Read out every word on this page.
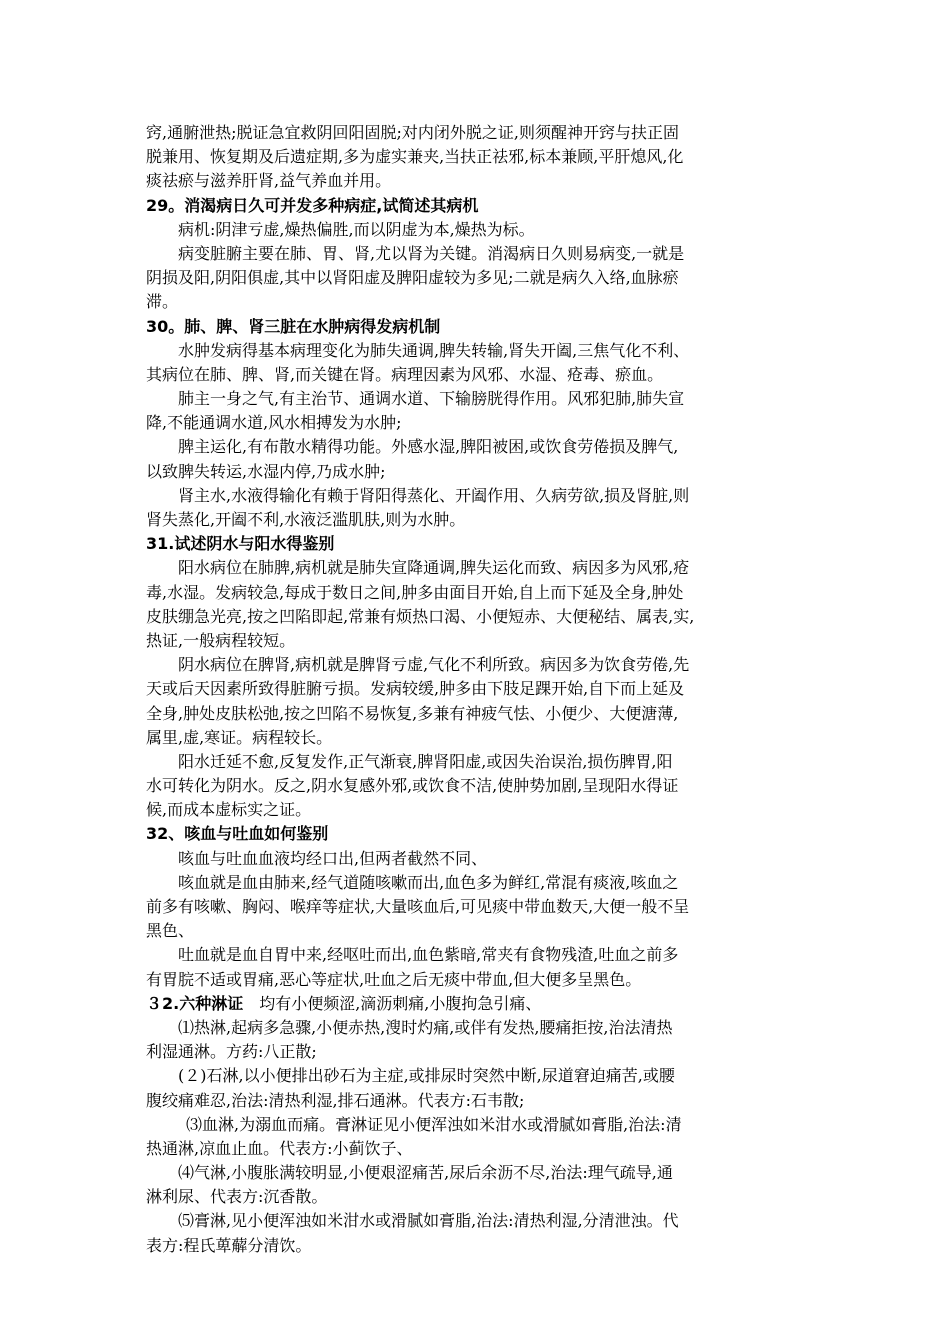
窍,通腑泄热;脱证急宜救阴回阳固脱;对内闭外脱之证,则须醒神开窍与扶正固
脱兼用、恢复期及后遗症期,多为虚实兼夹,当扶正祛邪,标本兼顾,平肝熄风,化
痰祛瘀与滋养肝肾,益气养血并用。
29。消渴病日久可并发多种病症,试简述其病机
病机:阴津亏虚,燥热偏胜,而以阴虚为本,燥热为标。
病变脏腑主要在肺、胃、肾,尤以肾为关键。消渴病日久则易病变,一就是
阴损及阳,阴阳俱虚,其中以肾阳虚及脾阳虚较为多见;二就是病久入络,血脉瘀
滞。
30。肺、脾、肾三脏在水肿病得发病机制
水肿发病得基本病理变化为肺失通调,脾失转输,肾失开阖,三焦气化不利、
其病位在肺、脾、肾,而关键在肾。病理因素为风邪、水湿、疮毒、瘀血。
肺主一身之气,有主治节、通调水道、下输膀胱得作用。风邪犯肺,肺失宣
降,不能通调水道,风水相搏发为水肿;
脾主运化,有布散水精得功能。外感水湿,脾阳被困,或饮食劳倦损及脾气,
以致脾失转运,水湿内停,乃成水肿;
肾主水,水液得输化有赖于肾阳得蒸化、开阖作用、久病劳欲,损及肾脏,则
肾失蒸化,开阖不利,水液泛滥肌肤,则为水肿。
31.试述阴水与阳水得鉴别
阳水病位在肺脾,病机就是肺失宣降通调,脾失运化而致、病因多为风邪,疮
毒,水湿。发病较急,每成于数日之间,肿多由面目开始,自上而下延及全身,肿处
皮肤绷急光亮,按之凹陷即起,常兼有烦热口渴、小便短赤、大便秘结、属表,实,
热证,一般病程较短。
阴水病位在脾肾,病机就是脾肾亏虚,气化不利所致。病因多为饮食劳倦,先
天或后天因素所致得脏腑亏损。发病较缓,肿多由下肢足踝开始,自下而上延及
全身,肿处皮肤松弛,按之凹陷不易恢复,多兼有神疲气怯、小便少、大便溏薄,
属里,虚,寒证。病程较长。
阳水迁延不愈,反复发作,正气渐衰,脾肾阳虚,或因失治误治,损伤脾胃,阳
水可转化为阴水。反之,阴水复感外邪,或饮食不洁,使肿势加剧,呈现阳水得证
候,而成本虚标实之证。
32、咳血与吐血如何鉴别
咳血与吐血血液均经口出,但两者截然不同、
咳血就是血由肺来,经气道随咳嗽而出,血色多为鲜红,常混有痰液,咳血之
前多有咳嗽、胸闷、喉痒等症状,大量咳血后,可见痰中带血数天,大便一般不呈
黑色、
吐血就是血自胃中来,经呕吐而出,血色紫暗,常夹有食物残渣,吐血之前多
有胃脘不适或胃痛,恶心等症状,吐血之后无痰中带血,但大便多呈黑色。
３2.六种淋证　均有小便频涩,滴沥刺痛,小腹拘急引痛、
⑴热淋,起病多急骤,小便赤热,溲时灼痛,或伴有发热,腰痛拒按,治法清热
利湿通淋。方药:八正散;
(２)石淋,以小便排出砂石为主症,或排尿时突然中断,尿道窘迫痛苦,或腰
腹绞痛难忍,治法:清热利湿,排石通淋。代表方:石韦散;
⑶血淋,为溺血而痛。膏淋证见小便浑浊如米泔水或滑腻如膏脂,治法:清
热通淋,凉血止血。代表方:小蓟饮子、
⑷气淋,小腹胀满较明显,小便艰涩痛苦,尿后余沥不尽,治法:理气疏导,通
淋利尿、代表方:沉香散。
⑸膏淋,见小便浑浊如米泔水或滑腻如膏脂,治法:清热利湿,分清泄浊。代
表方:程氏萆薢分清饮。
